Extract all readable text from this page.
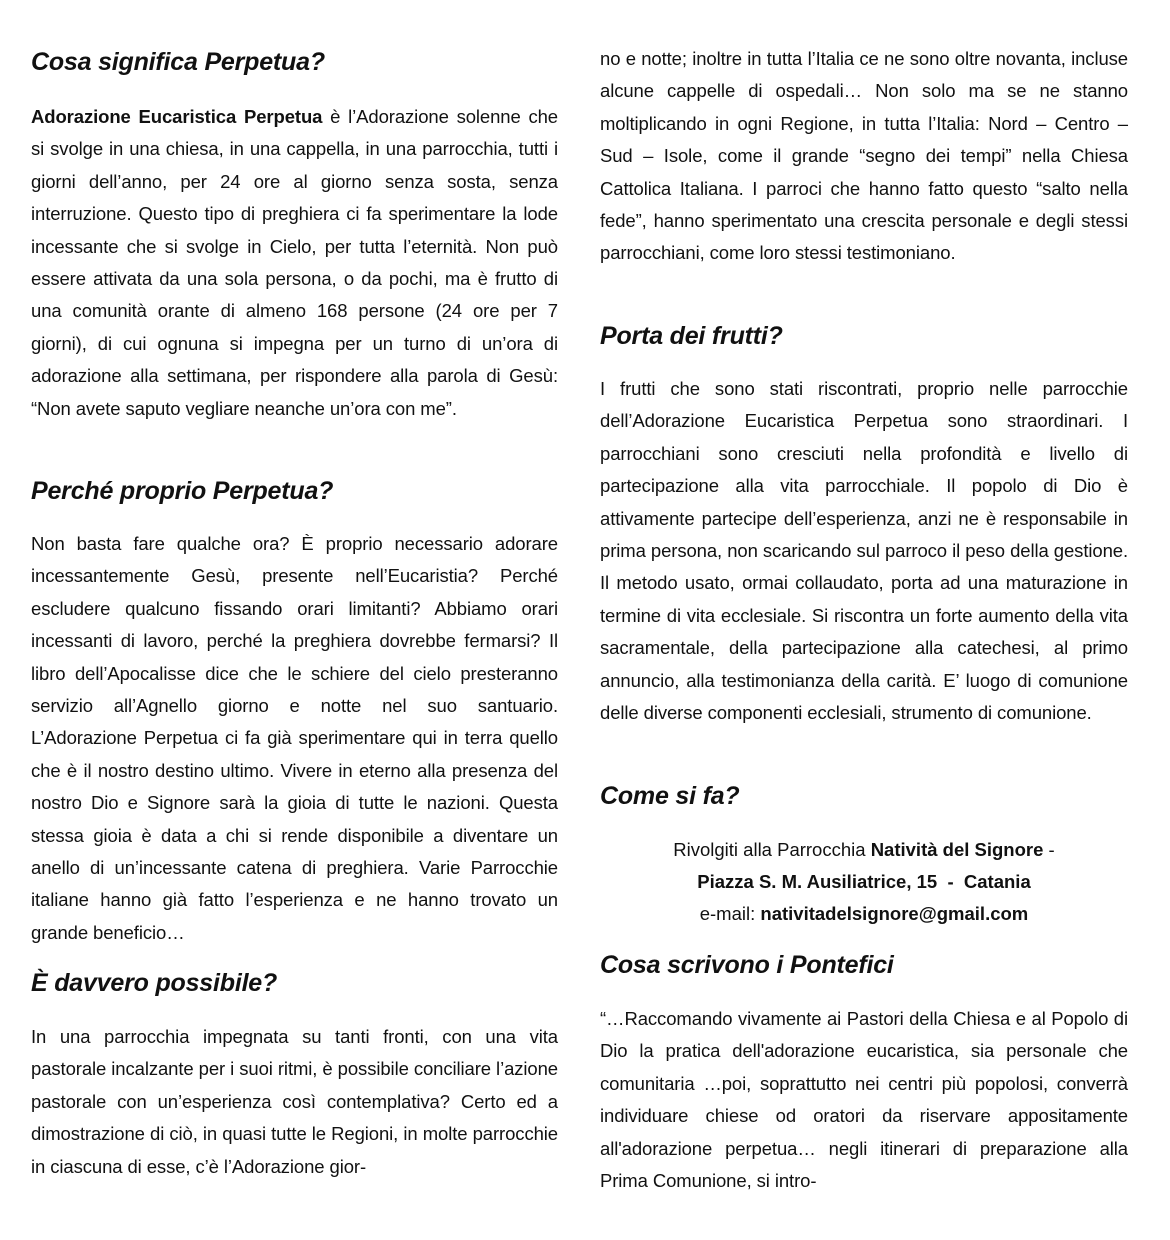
Cosa significa Perpetua?

Adorazione Eucaristica Perpetua è l’Adorazione solenne che si svolge in una chiesa, in una cappella, in una parrocchia, tutti i giorni dell’anno, per 24 ore al giorno senza sosta, senza interruzione. Questo tipo di preghiera ci fa sperimentare la lode incessante che si svolge in Cielo, per tutta l’eternità. Non può essere attivata da una sola persona, o da pochi, ma è frutto di una comunità orante di almeno 168 persone (24 ore per 7 giorni), di cui ognuna si impegna per un turno di un’ora di adorazione alla settimana, per rispondere alla parola di Gesù: “Non avete saputo vegliare neanche un’ora con me”.

Perché proprio Perpetua?

Non basta fare qualche ora? È proprio necessario adorare incessantemente Gesù, presente nell’Eucaristia? Perché escludere qualcuno fissando orari limitanti? Abbiamo orari incessanti di lavoro, perché la preghiera dovrebbe fermarsi? Il libro dell’Apocalisse dice che le schiere del cielo presteranno servizio all’Agnello giorno e notte nel suo santuario. L’Adorazione Perpetua ci fa già sperimentare qui in terra quello che è il nostro destino ultimo. Vivere in eterno alla presenza del nostro Dio e Signore sarà la gioia di tutte le nazioni. Questa stessa gioia è data a chi si rende disponibile a diventare un anello di un’incessante catena di preghiera. Varie Parrocchie italiane hanno già fatto l’esperienza e ne hanno trovato un grande beneficio…

È davvero possibile?

In una parrocchia impegnata su tanti fronti, con una vita pastorale incalzante per i suoi ritmi, è possibile conciliare l’azione pastorale con un’esperienza così contemplativa? Certo ed a dimostrazione di ciò, in quasi tutte le Regioni, in molte parrocchie in ciascuna di esse, c’è l’Adorazione gior-

no e notte; inoltre in tutta l’Italia ce ne sono oltre novanta, incluse alcune cappelle di ospedali… Non solo ma se ne stanno moltiplicando in ogni Regione, in tutta l’Italia: Nord – Centro – Sud – Isole, come il grande “segno dei tempi” nella Chiesa Cattolica Italiana. I parroci che hanno fatto questo “salto nella fede”, hanno sperimentato una crescita personale e degli stessi parrocchiani, come loro stessi testimoniano.

Porta dei frutti?

I frutti che sono stati riscontrati, proprio nelle parrocchie dell’Adorazione Eucaristica Perpetua sono straordinari. I parrocchiani sono cresciuti nella profondità e livello di partecipazione alla vita parrocchiale. Il popolo di Dio è attivamente partecipe dell’esperienza, anzi ne è responsabile in prima persona, non scaricando sul parroco il peso della gestione. Il metodo usato, ormai collaudato, porta ad una maturazione in termine di vita ecclesiale. Si riscontra un forte aumento della vita sacramentale, della partecipazione alla catechesi, al primo annuncio, alla testimonianza della carità. E’ luogo di comunione delle diverse componenti ecclesiali, strumento di comunione.

Come si fa?
Rivolgiti alla Parrocchia Natività del Signore -
Piazza S. M. Ausiliatrice, 15  -  Catania
e-mail: nativitadelsignore@gmail.com
Cosa scrivono i Pontefici

“…Raccomando vivamente ai Pastori della Chiesa e al Popolo di Dio la pratica dell'adorazione eucaristica, sia personale che comunitaria …poi, soprattutto nei centri più popolosi, converrà individuare chiese od oratori da riservare appositamente all'adorazione perpetua… negli itinerari di preparazione alla Prima Comunione, si intro-
